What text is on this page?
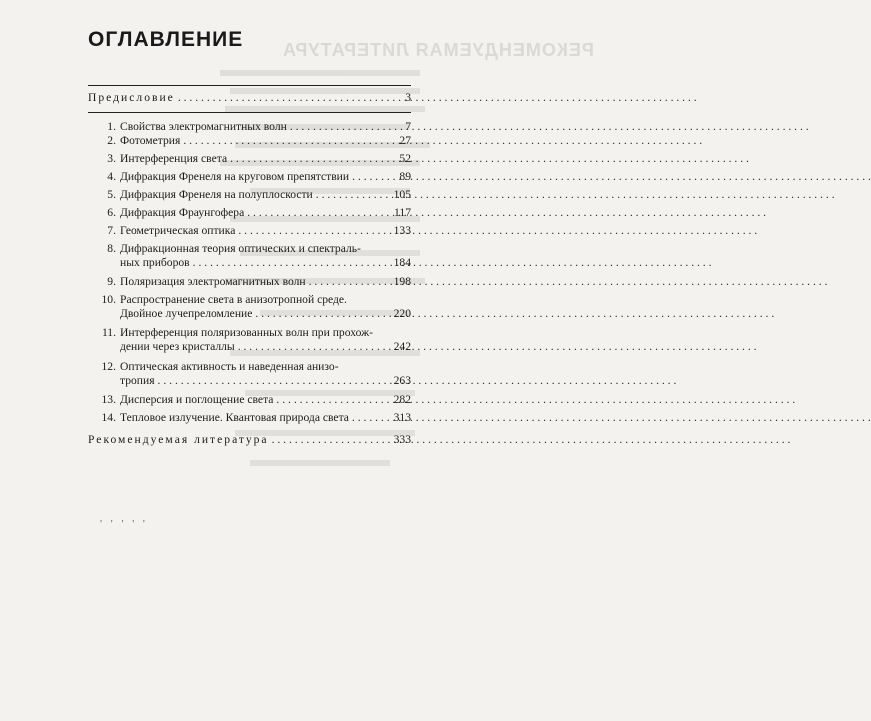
РЕКОМЕНДУЕМАЯ ЛИТЕРАТУРА
ОГЛАВЛЕНИЕ
Предисловие . . .	3
1. Свойства электромагнитных волн . . .	7
2. Фотометрия . . .	27
3. Интерференция света . . .	52
4. Дифракция Френеля на круговом препятствии . . .	89
5. Дифракция Френеля на полуплоскости . . .	105
6. Дифракция Фраунгофера . . .	117
7. Геометрическая оптика . . .	133
8. Дифракционная теория оптических и спектраль-
ных приборов . . .	184
9. Поляризация электромагнитных волн . . .	198
10. Распространение света в анизотропной среде.
Двойное лучепреломление . . .	220
11. Интерференция поляризованных волн при прохож-
дении через кристаллы . . .	242
12. Оптическая активность и наведенная анизо-
тропия . . .	263
13. Дисперсия и поглощение света . . .	282
14. Тепловое излучение. Квантовая природа света . . .	313
Рекомендуемая литература . . .	333
' ' ' ' '
